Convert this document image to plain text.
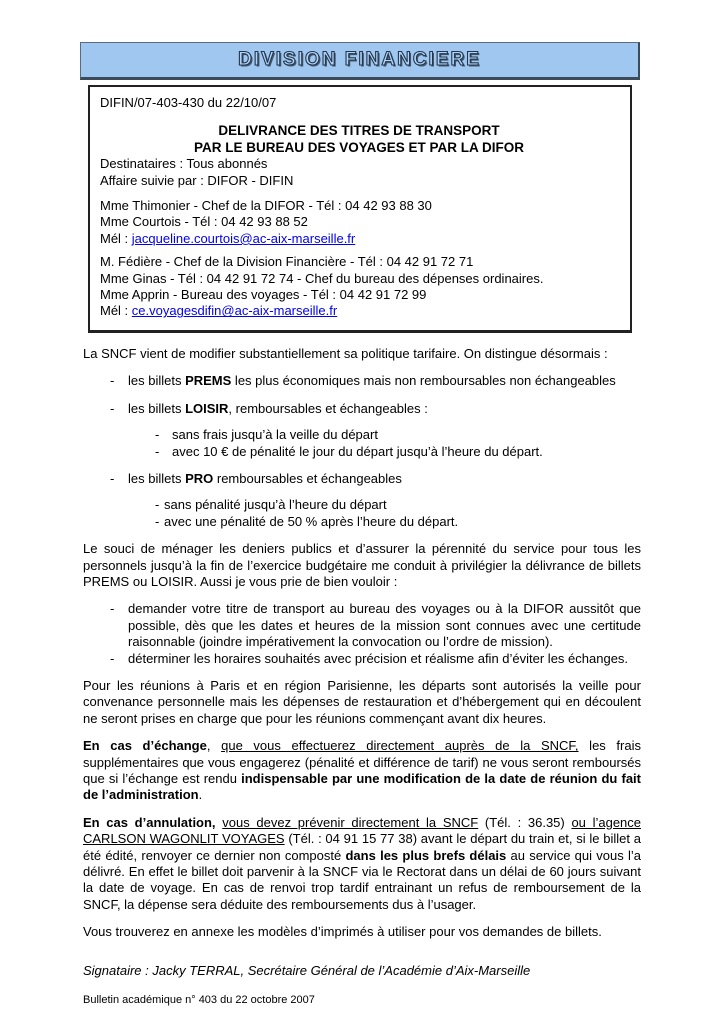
DIVISION FINANCIERE

DIFIN/07-403-430 du 22/10/07

DELIVRANCE DES TITRES DE TRANSPORT
PAR LE BUREAU DES VOYAGES ET PAR LA DIFOR

Destinataires : Tous abonnés

Affaire suivie par : DIFOR - DIFIN

Mme Thimonier - Chef de la DIFOR - Tél : 04 42 93 88 30
Mme Courtois - Tél : 04 42 93 88 52
Mél : jacqueline.courtois@ac-aix-marseille.fr
M. Fédière - Chef de la Division Financière - Tél : 04 42 91 72 71
Mme Ginas - Tél : 04 42 91 72 74 - Chef du bureau des dépenses ordinaires.
Mme Apprin - Bureau des voyages - Tél : 04 42 91 72 99
Mél : ce.voyagesdifin@ac-aix-marseille.fr

La SNCF vient de modifier substantiellement sa politique tarifaire. On distingue désormais :

-	les billets PREMS les plus économiques mais non remboursables non échangeables
-	les billets LOISIR, remboursables et échangeables :
- sans frais jusqu’à la veille du départ
- avec 10 € de pénalité le jour du départ jusqu’à l’heure du départ.
-	les billets PRO remboursables et échangeables
- sans pénalité jusqu’à l’heure du départ
- avec une pénalité de 50 % après l’heure du départ.

Le souci de ménager les deniers publics et d’assurer la pérennité du service pour tous les personnels jusqu’à la fin de l’exercice budgétaire me conduit à privilégier la délivrance de billets PREMS ou LOISIR. Aussi je vous prie de bien vouloir :

-	demander votre titre de transport au bureau des voyages ou à la DIFOR aussitôt que possible, dès que les dates et heures de la mission sont connues avec une certitude raisonnable (joindre impérativement la convocation ou l’ordre de mission).
-	déterminer les horaires souhaités avec précision et réalisme afin d’éviter les échanges.

Pour les réunions à Paris et en région Parisienne, les départs sont autorisés la veille pour convenance personnelle mais les dépenses de restauration et d’hébergement qui en découlent ne seront prises en charge que pour les réunions commençant avant dix heures.

En cas d’échange, que vous effectuerez directement auprès de la SNCF, les frais supplémentaires que vous engagerez (pénalité et différence de tarif) ne vous seront remboursés que si l’échange est rendu indispensable par une modification de la date de réunion du fait de l’administration.

En cas d’annulation, vous devez prévenir directement la SNCF (Tél. : 36.35) ou l’agence CARLSON WAGONLIT VOYAGES (Tél. : 04 91 15 77 38) avant le départ du train et, si le billet a été édité, renvoyer ce dernier non composté dans les plus brefs délais au service qui vous l’a délivré. En effet le billet doit parvenir à la SNCF via le Rectorat dans un délai de 60 jours suivant la date de voyage. En cas de renvoi trop tardif entrainant un refus de remboursement de la SNCF, la dépense sera déduite des remboursements dus à l’usager.

Vous trouverez en annexe les modèles d’imprimés à utiliser pour vos demandes de billets.

Signataire : Jacky TERRAL, Secrétaire Général de l’Académie d’Aix-Marseille

Bulletin académique n° 403 du 22 octobre 2007
